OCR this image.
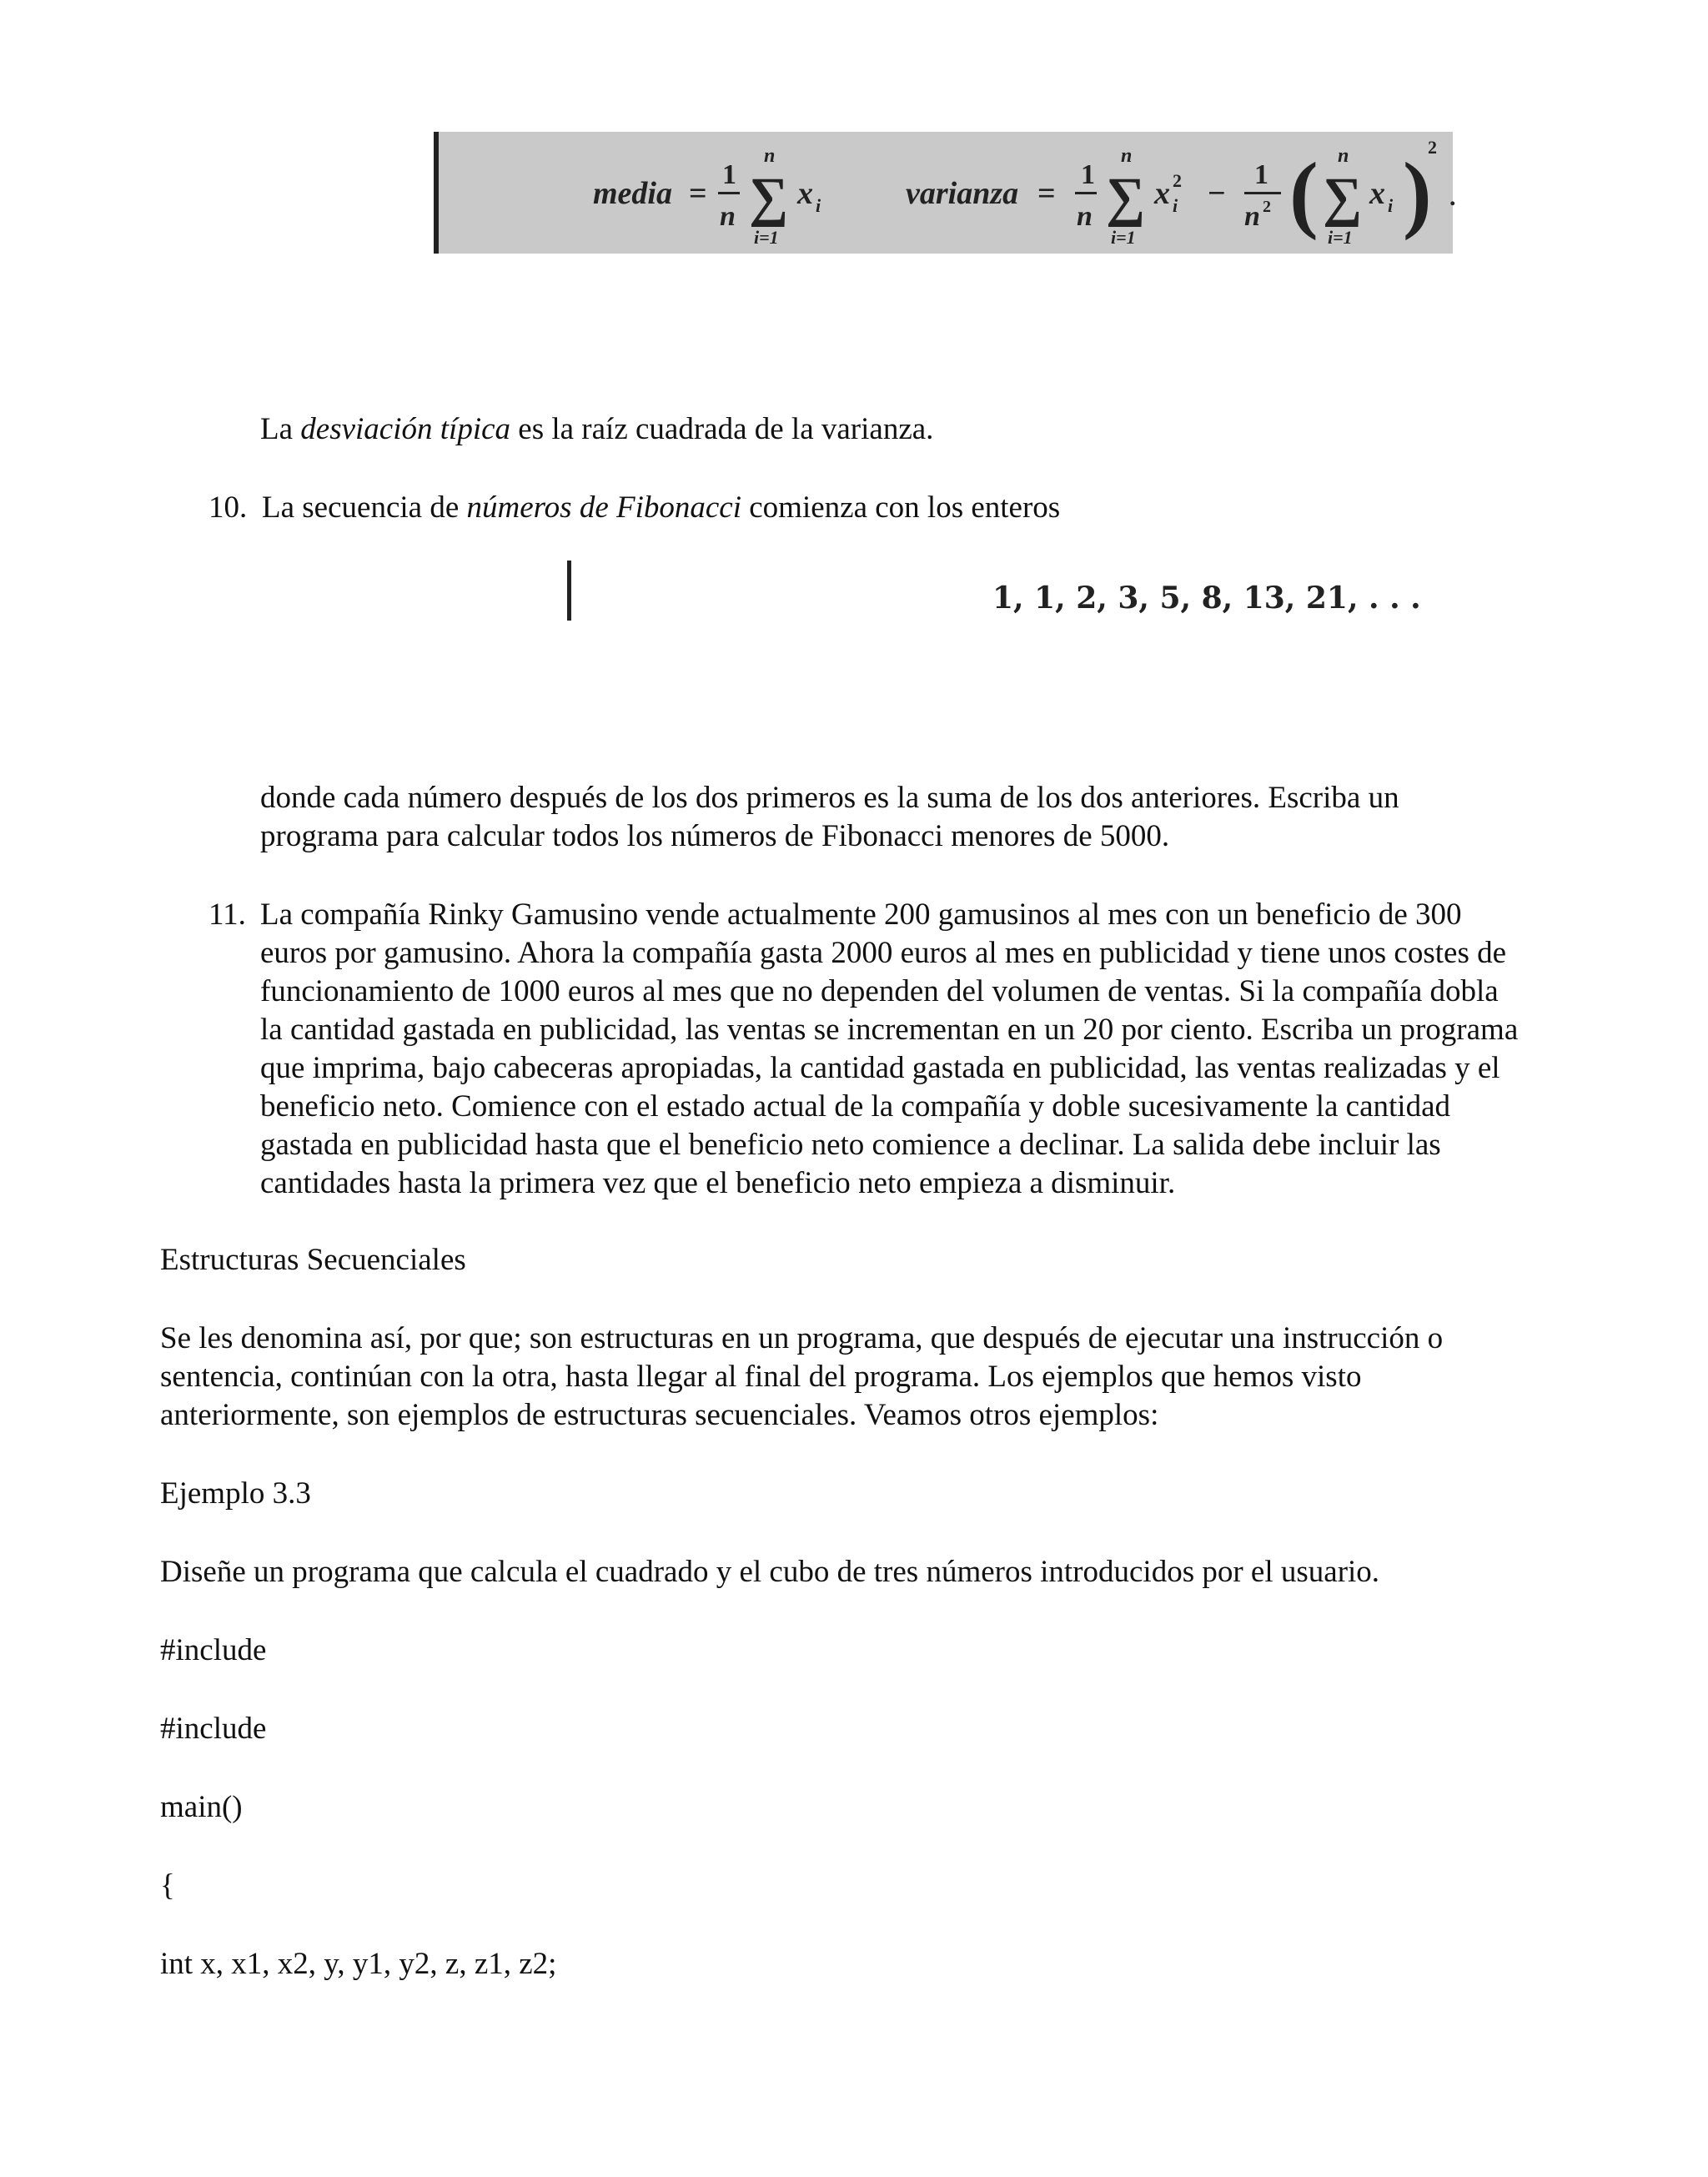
media =
1
n
n
∑
i=1
x i	varianza =
1
n
n
∑
i=1
x 2
i −
1
n 2 ( n
∑
i=1
x i )
2
.
La desviación típica es la raíz cuadrada de la varianza.
10. La secuencia de números de Fibonacci comienza con los enteros
1, 1, 2, 3, 5, 8, 13, 21, . . .
donde cada número después de los dos primeros es la suma de los dos anteriores. Escriba un
programa para calcular todos los números de Fibonacci menores de 5000.
11. La compañía Rinky Gamusino vende actualmente 200 gamusinos al mes con un beneficio de 300
euros por gamusino. Ahora la compañía gasta 2000 euros al mes en publicidad y tiene unos costes de
funcionamiento de 1000 euros al mes que no dependen del volumen de ventas. Si la compañía dobla
la cantidad gastada en publicidad, las ventas se incrementan en un 20 por ciento. Escriba un programa
que imprima, bajo cabeceras apropiadas, la cantidad gastada en publicidad, las ventas realizadas y el
beneficio neto. Comience con el estado actual de la compañía y doble sucesivamente la cantidad
gastada en publicidad hasta que el beneficio neto comience a declinar. La salida debe incluir las
cantidades hasta la primera vez que el beneficio neto empieza a disminuir.
Estructuras Secuenciales
Se les denomina así, por que; son estructuras en un programa, que después de ejecutar una instrucción o
sentencia, continúan con la otra, hasta llegar al final del programa. Los ejemplos que hemos visto
anteriormente, son ejemplos de estructuras secuenciales. Veamos otros ejemplos:
Ejemplo 3.3
Diseñe un programa que calcula el cuadrado y el cubo de tres números introducidos por el usuario.
#include
#include
main()
{
int x, x1, x2, y, y1, y2, z, z1, z2;
